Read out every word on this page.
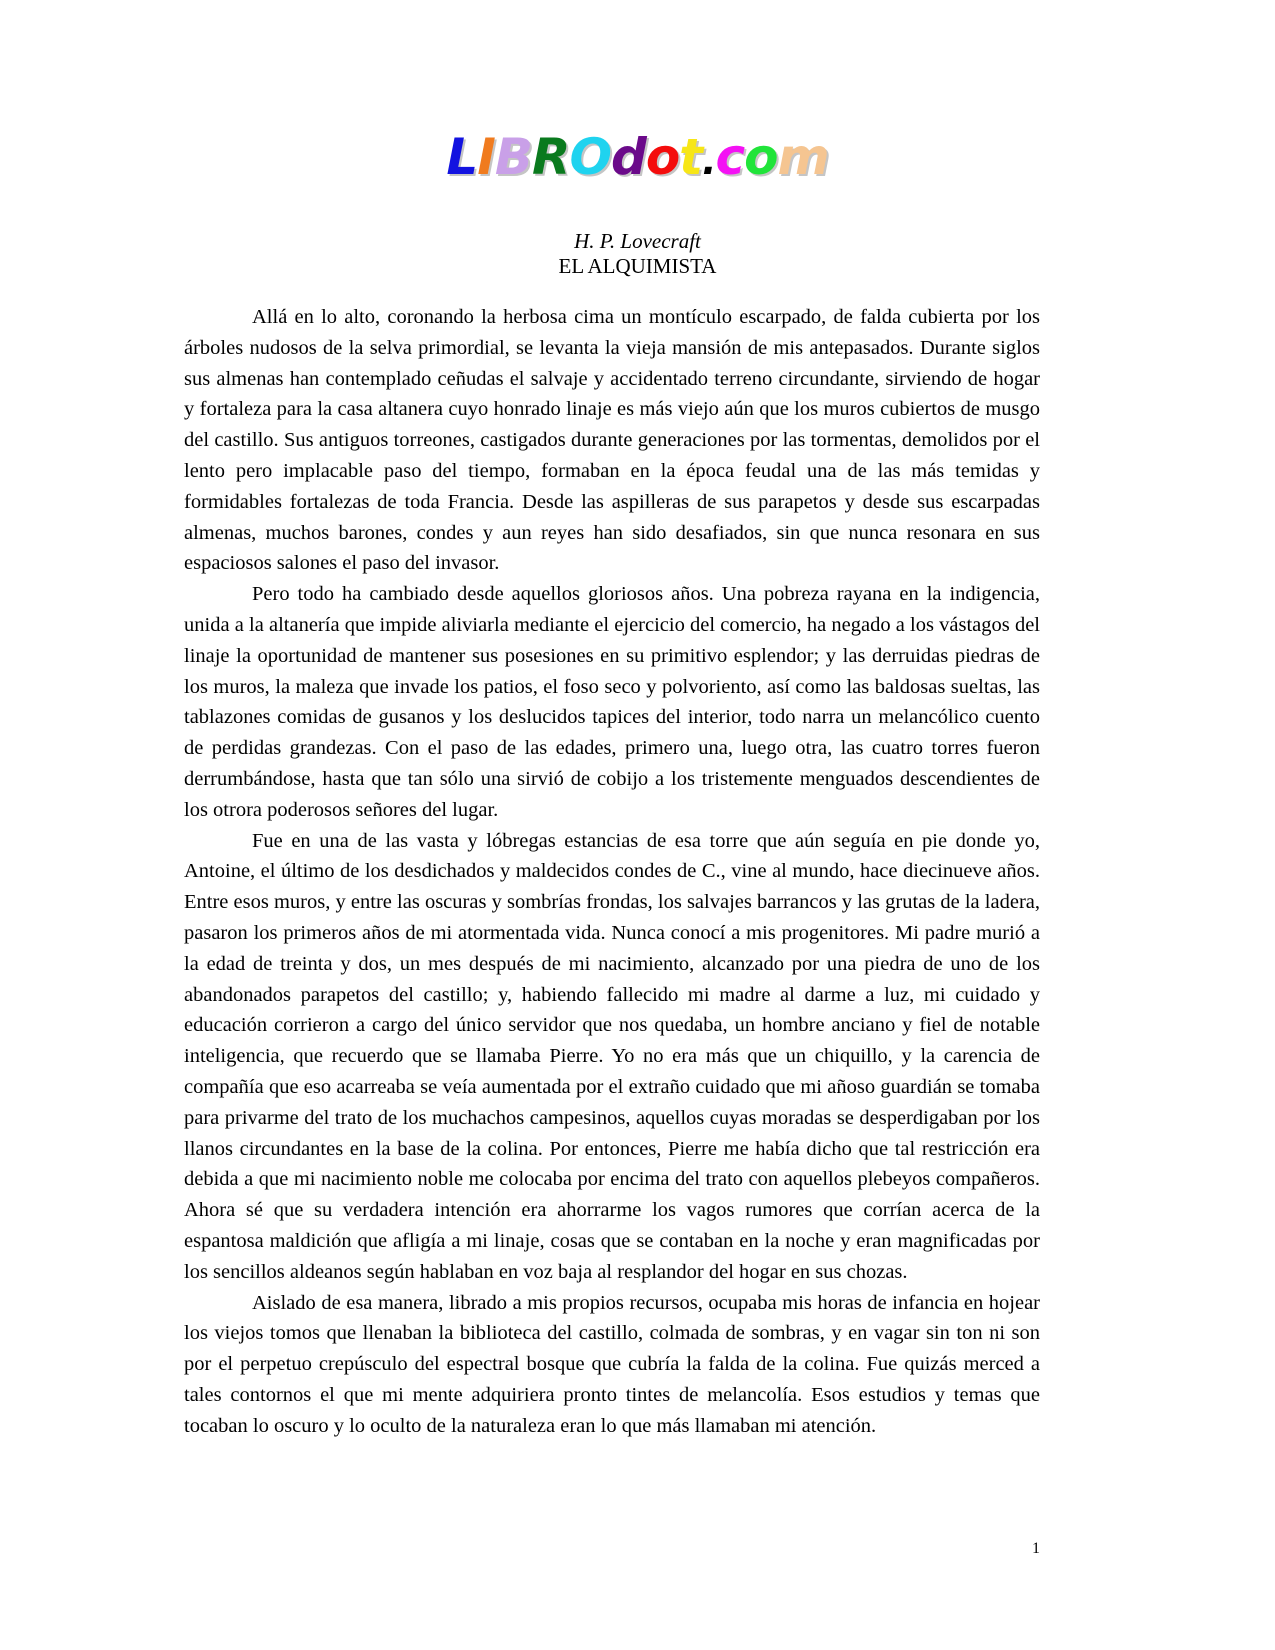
LIBROdot.com
H. P. Lovecraft
EL ALQUIMISTA

Allá en lo alto, coronando la herbosa cima un montículo escarpado, de falda cubierta por los árboles nudosos de la selva primordial, se levanta la vieja mansión de mis antepasados. Durante siglos sus almenas han contemplado ceñudas el salvaje y accidentado terreno circundante, sirviendo de hogar y fortaleza para la casa altanera cuyo honrado linaje es más viejo aún que los muros cubiertos de musgo del castillo. Sus antiguos torreones, castigados durante generaciones por las tormentas, demolidos por el lento pero implacable paso del tiempo, formaban en la época feudal una de las más temidas y formidables fortalezas de toda Francia. Desde las aspilleras de sus parapetos y desde sus escarpadas almenas, muchos barones, condes y aun reyes han sido desafiados, sin que nunca resonara en sus espaciosos salones el paso del invasor.

Pero todo ha cambiado desde aquellos gloriosos años. Una pobreza rayana en la indigencia, unida a la altanería que impide aliviarla mediante el ejercicio del comercio, ha negado a los vástagos del linaje la oportunidad de mantener sus posesiones en su primitivo esplendor; y las derruidas piedras de los muros, la maleza que invade los patios, el foso seco y polvoriento, así como las baldosas sueltas, las tablazones comidas de gusanos y los deslucidos tapices del interior, todo narra un melancólico cuento de perdidas grandezas. Con el paso de las edades, primero una, luego otra, las cuatro torres fueron derrumbándose, hasta que tan sólo una sirvió de cobijo a los tristemente menguados descendientes de los otrora poderosos señores del lugar.

Fue en una de las vasta y lóbregas estancias de esa torre que aún seguía en pie donde yo, Antoine, el último de los desdichados y maldecidos condes de C., vine al mundo, hace diecinueve años. Entre esos muros, y entre las oscuras y sombrías frondas, los salvajes barrancos y las grutas de la ladera, pasaron los primeros años de mi atormentada vida. Nunca conocí a mis progenitores. Mi padre murió a la edad de treinta y dos, un mes después de mi nacimiento, alcanzado por una piedra de uno de los abandonados parapetos del castillo; y, habiendo fallecido mi madre al darme a luz, mi cuidado y educación corrieron a cargo del único servidor que nos quedaba, un hombre anciano y fiel de notable inteligencia, que recuerdo que se llamaba Pierre. Yo no era más que un chiquillo, y la carencia de compañía que eso acarreaba se veía aumentada por el extraño cuidado que mi añoso guardián se tomaba para privarme del trato de los muchachos campesinos, aquellos cuyas moradas se desperdigaban por los llanos circundantes en la base de la colina. Por entonces, Pierre me había dicho que tal restricción era debida a que mi nacimiento noble me colocaba por encima del trato con aquellos plebeyos compañeros. Ahora sé que su verdadera intención era ahorrarme los vagos rumores que corrían acerca de la espantosa maldición que afligía a mi linaje, cosas que se contaban en la noche y eran magnificadas por los sencillos aldeanos según hablaban en voz baja al resplandor del hogar en sus chozas.

Aislado de esa manera, librado a mis propios recursos, ocupaba mis horas de infancia en hojear los viejos tomos que llenaban la biblioteca del castillo, colmada de sombras, y en vagar sin ton ni son por el perpetuo crepúsculo del espectral bosque que cubría la falda de la colina. Fue quizás merced a tales contornos el que mi mente adquiriera pronto tintes de melancolía. Esos estudios y temas que tocaban lo oscuro y lo oculto de la naturaleza eran lo que más llamaban mi atención.

1
